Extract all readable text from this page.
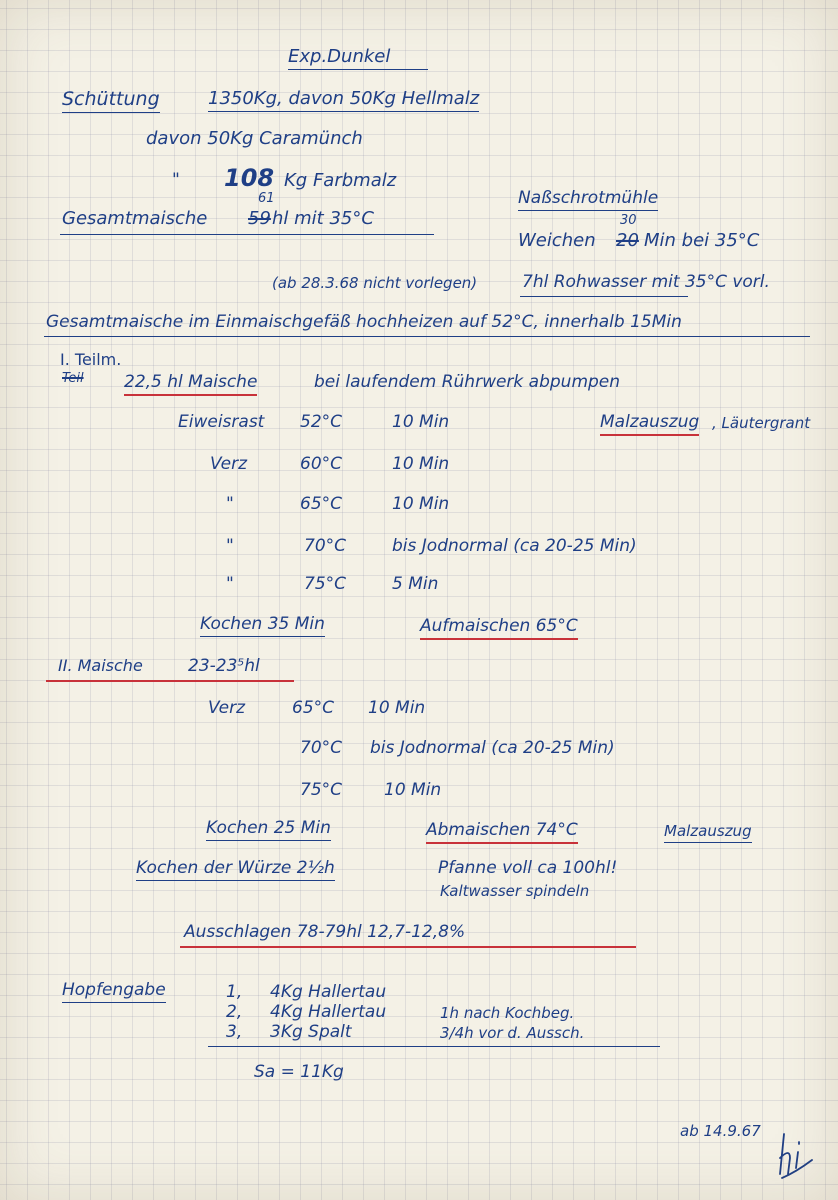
Exp.Dunkel
Schüttung	1350Kg, davon 50Kg Hellmalz
davon 50Kg Caramünch
" 108 Kg Farbmalz
Gesamtmaische
61
59 hl mit 35°C
Naßschrotmühle
Weichen
30
20 Min bei 35°C
(ab 28.3.68 nicht vorlegen)	7hl Rohwasser mit 35°C vorl.
Gesamtmaische im Einmaischgefäß hochheizen auf 52°C, innerhalb 15Min
I. Teilm.
Teil 22,5 hl Maische	bei laufendem Rührwerk abpumpen
Eiweisrast 52°C	10 Min
Verz	60°C	10 Min
"	65°C	10 Min
"	70°C	bis Jodnormal (ca 20-25 Min)
"	75°C	5 Min
Malzauszug , Läutergrant
Kochen 35 Min	Aufmaischen 65°C
II. Maische	23-23⁵hl
Verz	65°C 10 Min
70°C bis Jodnormal (ca 20-25 Min)
75°C 10 Min
Kochen 25 Min	Abmaischen 74°C	Malzauszug
Kochen der Würze 2½h	Pfanne voll ca 100hl!
Kaltwasser spindeln
Ausschlagen 78-79hl 12,7-12,8%
Hopfengabe	1, 4Kg Hallertau
2, 4Kg Hallertau	1h nach Kochbeg.
3, 3Kg Spalt	3/4h vor d. Aussch.
Sa = 11Kg
ab 14.9.67
